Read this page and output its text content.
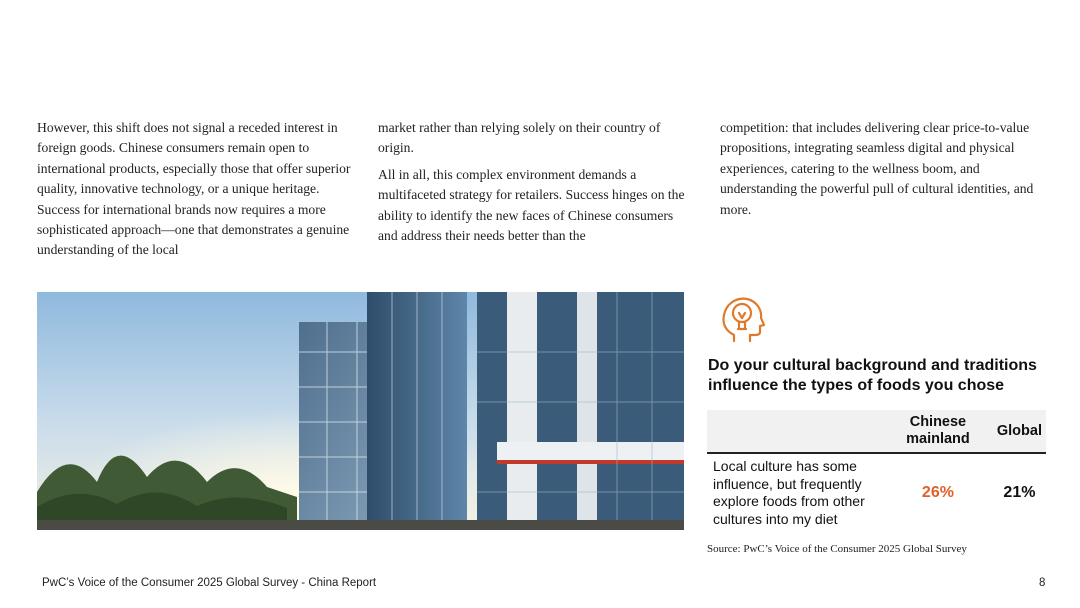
However, this shift does not signal a receded interest in foreign goods. Chinese consumers remain open to international products, especially those that offer superior quality, innovative technology, or a unique heritage. Success for international brands now requires a more sophisticated approach—one that demonstrates a genuine understanding of the local

market rather than relying solely on their country of origin.

All in all, this complex environment demands a multifaceted strategy for retailers. Success hinges on the ability to identify the new faces of Chinese consumers and address their needs better than the

competition: that includes delivering clear price-to-value propositions, integrating seamless digital and physical experiences, catering to the wellness boom, and understanding the powerful pull of cultural identities, and more.

Do your cultural background and traditions influence the types of foods you chose
	Chinese mainland	Global
Local culture has some influence, but frequently explore foods from other cultures into my diet	26%	21%
Source: PwC’s Voice of the Consumer 2025 Global Survey
PwC’s Voice of the Consumer 2025 Global Survey - China Report	8
